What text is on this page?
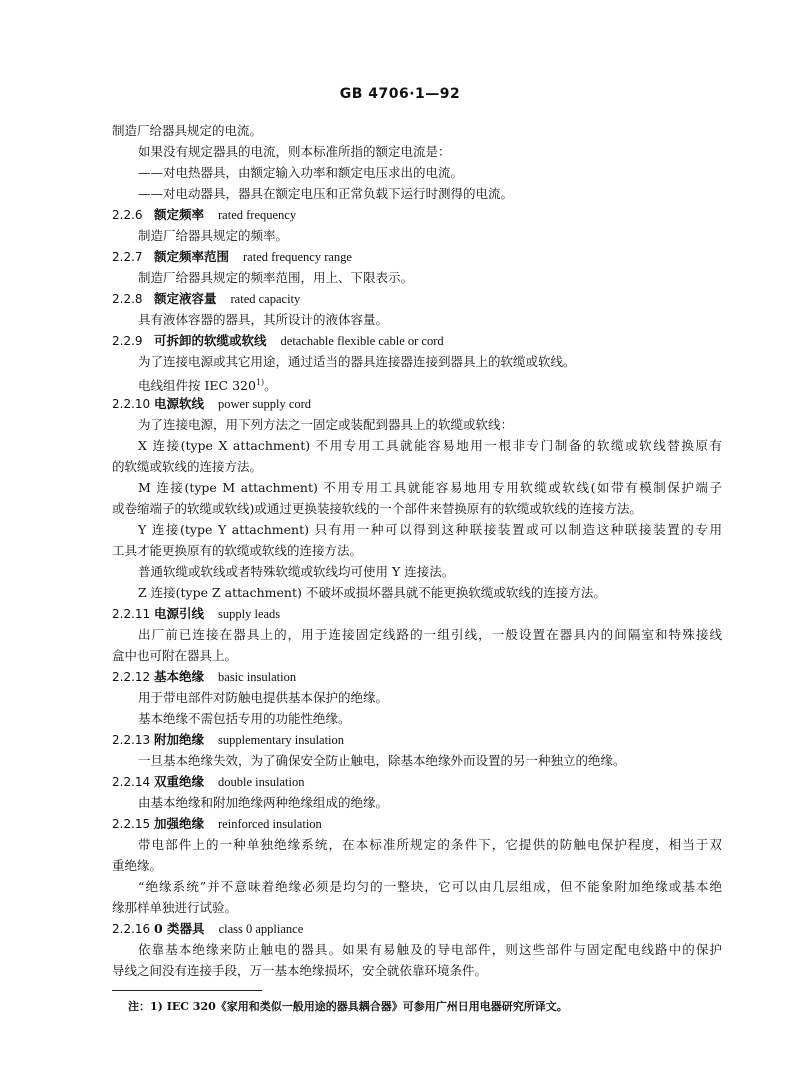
GB 4706·1—92
制造厂给器具规定的电流。
如果没有规定器具的电流，则本标准所指的额定电流是：
——对电热器具，由额定输入功率和额定电压求出的电流。
——对电动器具，器具在额定电压和正常负载下运行时测得的电流。
2.2.6 额定频率 rated frequency
制造厂给器具规定的频率。
2.2.7 额定频率范围 rated frequency range
制造厂给器具规定的频率范围，用上、下限表示。
2.2.8 额定液容量 rated capacity
具有液体容器的器具，其所设计的液体容量。
2.2.9 可拆卸的软缆或软线 detachable flexible cable or cord
为了连接电源或其它用途，通过适当的器具连接器连接到器具上的软缆或软线。
电线组件按 IEC 320$^{1)}$。
2.2.10 电源软线 power supply cord
为了连接电源，用下列方法之一固定或装配到器具上的软缆或软线：
X 连接(type X attachment) 不用专用工具就能容易地用一根非专门制备的软缆或软线替换原有
的软缆或软线的连接方法。
M 连接(type M attachment) 不用专用工具就能容易地用专用软缆或软线(如带有模制保护端子
或卷缩端子的软缆或软线)或通过更换装接软线的一个部件来替换原有的软缆或软线的连接方法。
Y 连接(type Y attachment) 只有用一种可以得到这种联接装置或可以制造这种联接装置的专用
工具才能更换原有的软缆或软线的连接方法。
普通软缆或软线或者特殊软缆或软线均可使用 Y 连接法。
Z 连接(type Z attachment) 不破坏或损坏器具就不能更换软缆或软线的连接方法。
2.2.11 电源引线 supply leads
出厂前已连接在器具上的，用于连接固定线路的一组引线，一般设置在器具内的间隔室和特殊接线
盒中也可附在器具上。
2.2.12 基本绝缘 basic insulation
用于带电部件对防触电提供基本保护的绝缘。
基本绝缘不需包括专用的功能性绝缘。
2.2.13 附加绝缘 supplementary insulation
一旦基本绝缘失效，为了确保安全防止触电，除基本绝缘外而设置的另一种独立的绝缘。
2.2.14 双重绝缘 double insulation
由基本绝缘和附加绝缘两种绝缘组成的绝缘。
2.2.15 加强绝缘 reinforced insulation
带电部件上的一种单独绝缘系统，在本标准所规定的条件下，它提供的防触电保护程度，相当于双
重绝缘。
“绝缘系统”并不意味着绝缘必须是均匀的一整块，它可以由几层组成，但不能象附加绝缘或基本绝
缘那样单独进行试验。
2.2.16 0 类器具 class 0 appliance
依靠基本绝缘来防止触电的器具。如果有易触及的导电部件，则这些部件与固定配电线路中的保护
导线之间没有连接手段，万一基本绝缘损坏，安全就依靠环境条件。
注：1) IEC 320《家用和类似一般用途的器具耦合器》可参用广州日用电器研究所译文。
